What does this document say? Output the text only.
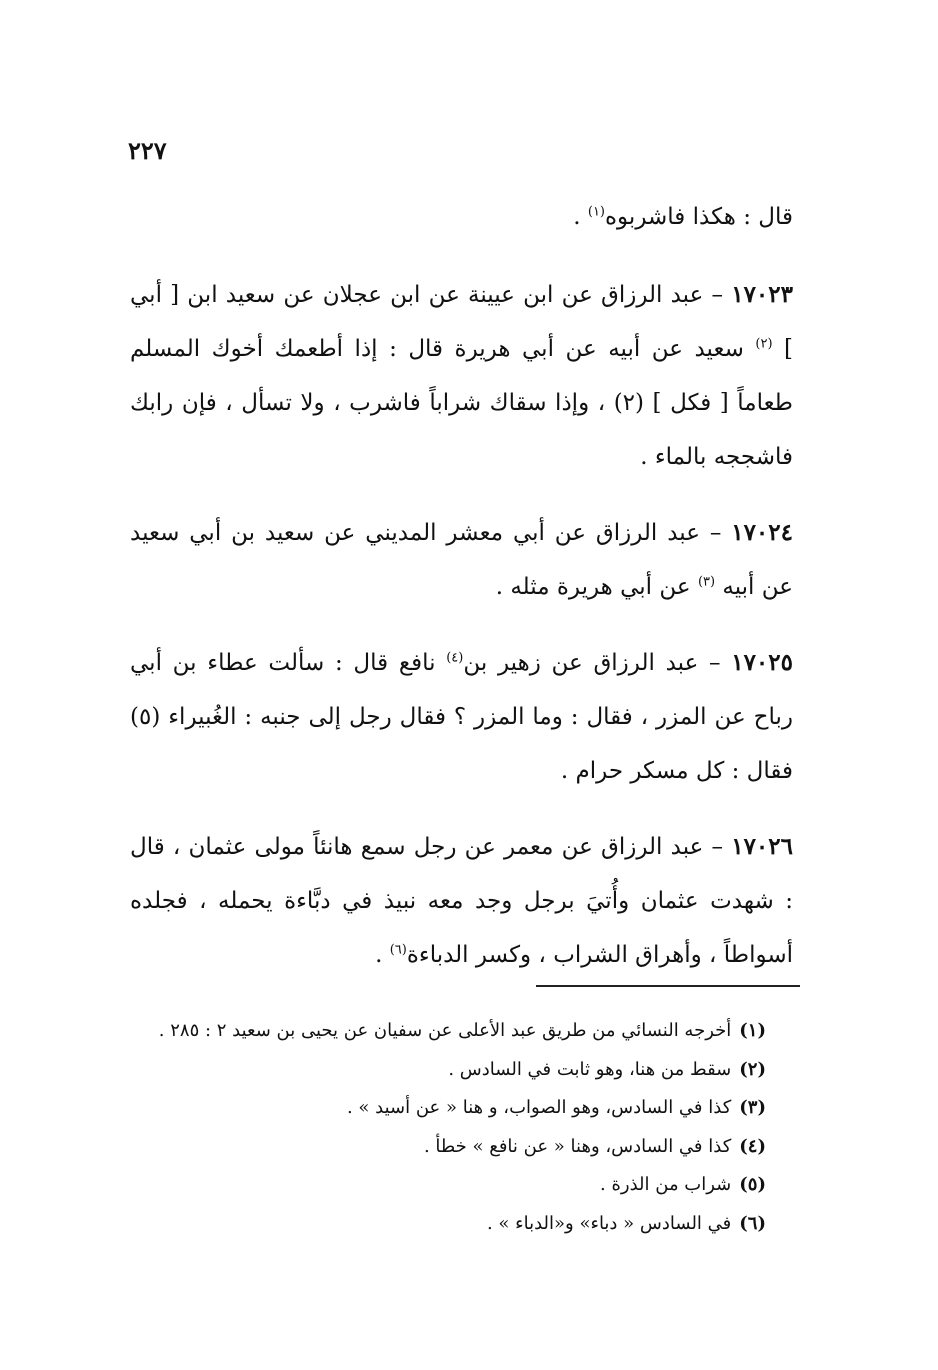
٢٢٧

قال : هكذا فاشربوه$^{(١)}$ .

١٧٠٢٣ – عبد الرزاق عن ابن عيينة عن ابن عجلان عن سعيد ابن [ أبي ] $^{(٢)}$ سعيد عن أبيه عن أبي هريرة قال : إذا أطعمك أخوك المسلم طعاماً [ فكل ] (٢) ، وإذا سقاك شراباً فاشرب ، ولا تسأل ، فإن رابك فاشججه بالماء .

١٧٠٢٤ – عبد الرزاق عن أبي معشر المديني عن سعيد بن أبي سعيد عن أبيه $^{(٣)}$ عن أبي هريرة مثله .

١٧٠٢٥ – عبد الرزاق عن زهير بن$^{(٤)}$ نافع قال : سألت عطاء بن أبي رباح عن المزر ، فقال : وما المزر ؟ فقال رجل إلى جنبه : الغُبيراء (٥) فقال : كل مسكر حرام .

١٧٠٢٦ – عبد الرزاق عن معمر عن رجل سمع هانئاً مولى عثمان ، قال : شهدت عثمان وأُتيَ برجل وجد معه نبيذ في دبَّاءة يحمله ، فجلده أسواطاً ، وأهراق الشراب ، وكسر الدباءة$^{(٦)}$ .

(١)أخرجه النسائي من طريق عبد الأعلى عن سفيان عن يحيى بن سعيد ٢ : ٢٨٥ .
(٢)سقط من هنا، وهو ثابت في السادس .
(٣)كذا في السادس، وهو الصواب، و هنا « عن أسيد » .
(٤)كذا في السادس، وهنا « عن نافع » خطأ .
(٥)شراب من الذرة .
(٦)في السادس « دباء» و«الدباء » .
